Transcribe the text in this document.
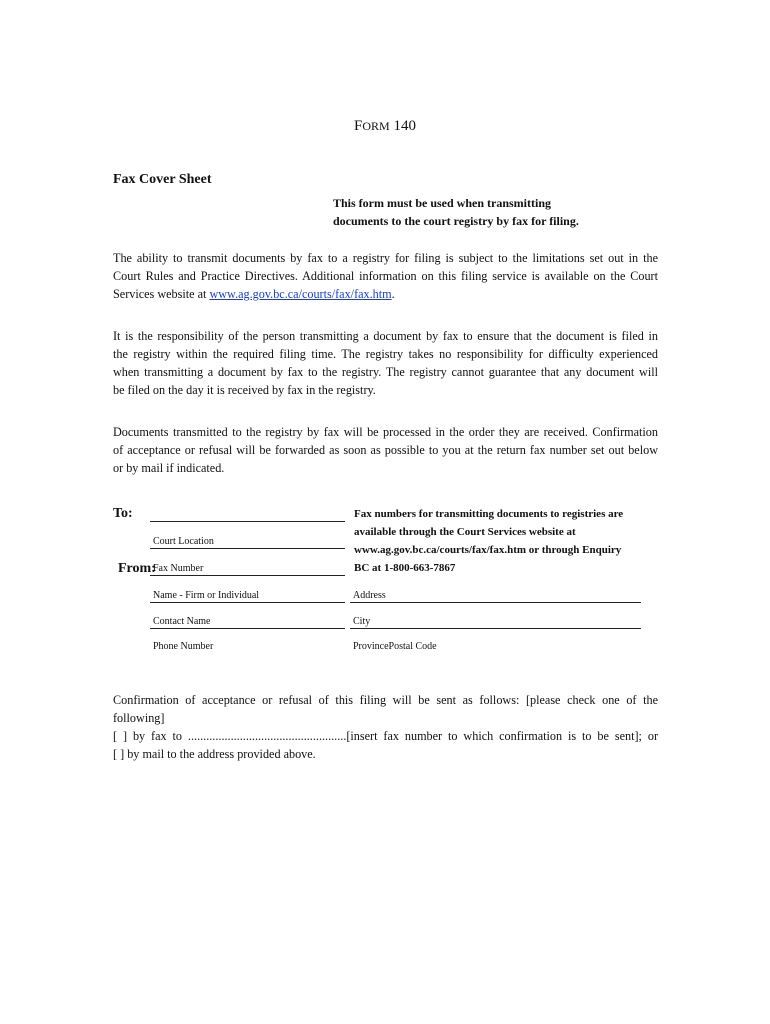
FORM 140
Fax Cover Sheet
This form must be used when transmitting
documents to the court registry by fax for filing.
The ability to transmit documents by fax to a registry for filing is subject to the limitations set out in the
Court Rules and Practice Directives. Additional information on this filing service is available on the Court
Services website at www.ag.gov.bc.ca/courts/fax/fax.htm.
It is the responsibility of the person transmitting a document by fax to ensure that the document is filed in
the registry within the required filing time. The registry takes no responsibility for difficulty experienced
when transmitting a document by fax to the registry. The registry cannot guarantee that any document will
be filed on the day it is received by fax in the registry.
Documents transmitted to the registry by fax will be processed in the order they are received. Confirmation
of acceptance or refusal will be forwarded as soon as possible to you at the return fax number set out below
or by mail if indicated.
To:
Court Location
From:
Fax Number
Name - Firm or Individual
Contact Name
Phone Number
Address
City
ProvincePostal Code
Fax numbers for transmitting documents to registries are
available through the Court Services website at
www.ag.gov.bc.ca/courts/fax/fax.htm or through Enquiry
BC at 1-800-663-7867
Confirmation of acceptance or refusal of this filing will be sent as follows: [please check one of the
following]
[ ] by fax to ....................................................[insert fax number to which confirmation is to be sent]; or
[ ] by mail to the address provided above.
